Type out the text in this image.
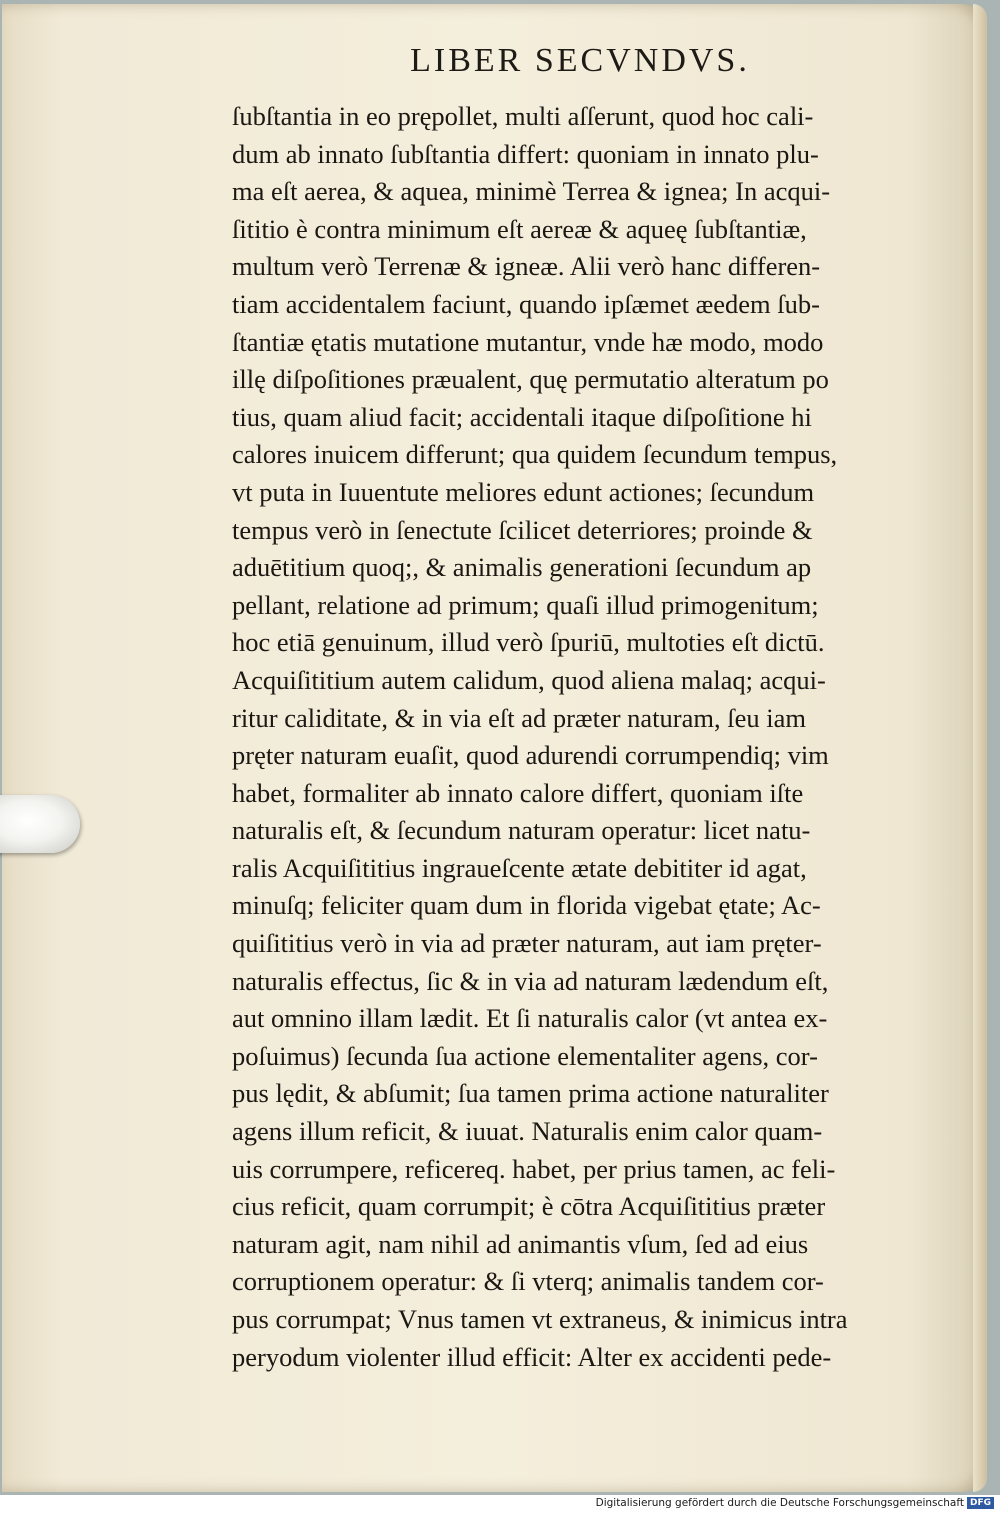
LIBER SECVNDVS.
ſubſtantia in eo prępollet, multi aſſerunt, quod hoc cali-
dum ab innato ſubſtantia differt: quoniam in innato plu-
ma eſt aerea, & aquea, minimè Terrea & ignea; In acqui-
ſititio è contra minimum eſt aereæ & aqueę ſubſtantiæ,
multum verò Terrenæ & igneæ. Alii verò hanc differen-
tiam accidentalem faciunt, quando ipſæmet æedem ſub-
ſtantiæ ętatis mutatione mutantur, vnde hæ modo, modo
illę diſpoſitiones præualent, quę permutatio alteratum po
tius, quam aliud facit; accidentali itaque diſpoſitione hi
calores inuicem differunt; qua quidem ſecundum tempus,
vt puta in Iuuentute meliores edunt actiones; ſecundum
tempus verò in ſenectute ſcilicet deterriores; proinde &
aduētitium quoq;, & animalis generationi ſecundum ap
pellant, relatione ad primum; quaſi illud primogenitum;
hoc etiā genuinum, illud verò ſpuriū, multoties eſt dictū.
Acquiſititium autem calidum, quod aliena malaq; acqui-
ritur caliditate, & in via eſt ad præter naturam, ſeu iam
pręter naturam euaſit, quod adurendi corrumpendiq; vim
habet, formaliter ab innato calore differt, quoniam iſte
naturalis eſt, & ſecundum naturam operatur: licet natu-
ralis Acquiſititius ingraueſcente ætate debititer id agat,
minuſq; feliciter quam dum in florida vigebat ętate; Ac-
quiſititius verò in via ad præter naturam, aut iam pręter-
naturalis effectus, ſic & in via ad naturam lædendum eſt,
aut omnino illam lædit. Et ſi naturalis calor (vt antea ex-
poſuimus) ſecunda ſua actione elementaliter agens, cor-
pus lędit, & abſumit; ſua tamen prima actione naturaliter
agens illum reficit, & iuuat. Naturalis enim calor quam-
uis corrumpere, reficereq. habet, per prius tamen, ac feli-
cius reficit, quam corrumpit; è cōtra Acquiſititius præter
naturam agit, nam nihil ad animantis vſum, ſed ad eius
corruptionem operatur: & ſi vterq; animalis tandem cor-
pus corrumpat; Vnus tamen vt extraneus, & inimicus intra
peryodum violenter illud efficit: Alter ex accidenti pede-
Digitalisierung gefördert durch die Deutsche Forschungsgemeinschaft DFG
